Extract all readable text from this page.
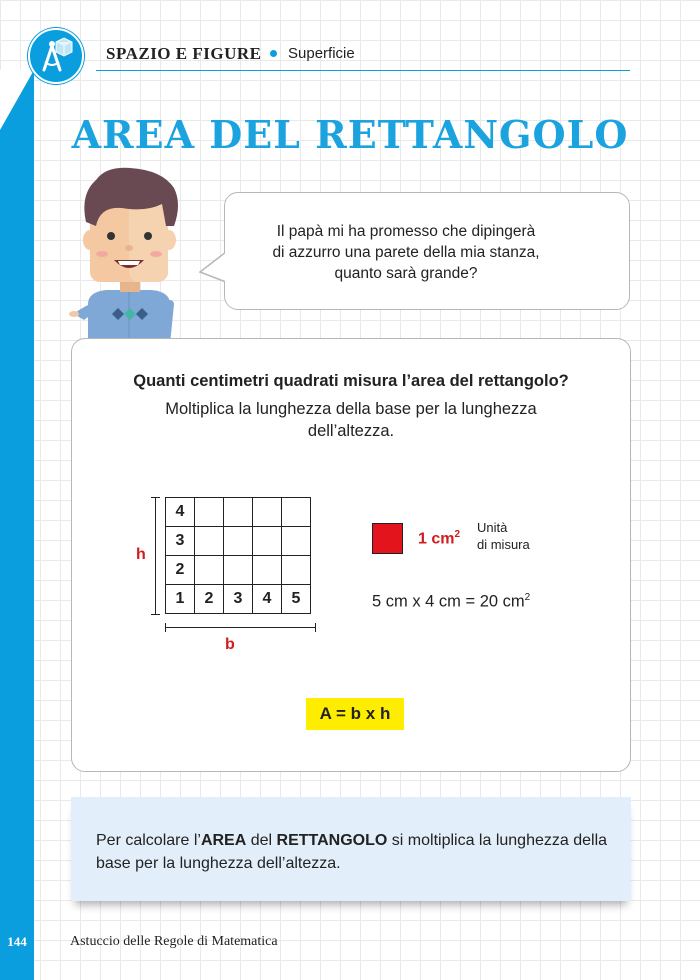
144
SPAZIO E FIGURE Superficie
AREA DEL RETTANGOLO
Il papà mi ha promesso che dipingerà
di azzurro una parete della mia stanza,
quanto sarà grande?
Quanti centimetri quadrati misura l’area del rettangolo?
Moltiplica la lunghezza della base per la lunghezza dell’altezza.
4				
3				
2				
1	2	3	4	5
h
b
1 $cm^2$ Unità
di misura
5 cm x 4 cm = 20 $cm^2$
A = b x h
Per calcolare l’AREA del RETTANGOLO si moltiplica la lunghezza della base per la lunghezza dell’altezza.
Astuccio delle Regole di Matematica
